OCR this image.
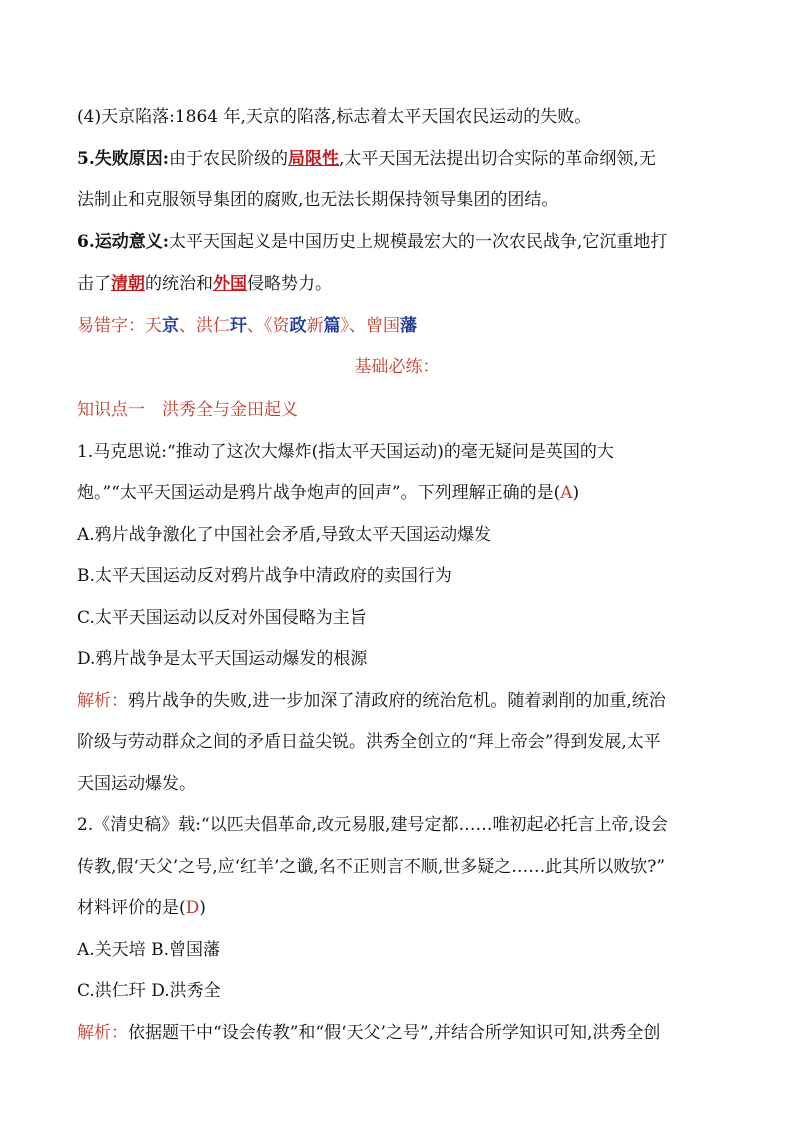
(4)天京陷落:1864 年,天京的陷落,标志着太平天国农民运动的失败。
5.失败原因:由于农民阶级的局限性,太平天国无法提出切合实际的革命纲领,无
法制止和克服领导集团的腐败,也无法长期保持领导集团的团结。
6.运动意义:太平天国起义是中国历史上规模最宏大的一次农民战争,它沉重地打
击了清朝的统治和外国侵略势力。
易错字：天京、洪仁玕、《资政新篇》、曾国藩
基础必练：
知识点一　洪秀全与金田起义
1.马克思说:“推动了这次大爆炸(指太平天国运动)的毫无疑问是英国的大
炮。”“太平天国运动是鸦片战争炮声的回声”。下列理解正确的是(A)
A.鸦片战争激化了中国社会矛盾,导致太平天国运动爆发
B.太平天国运动反对鸦片战争中清政府的卖国行为
C.太平天国运动以反对外国侵略为主旨
D.鸦片战争是太平天国运动爆发的根源
解析：鸦片战争的失败,进一步加深了清政府的统治危机。随着剥削的加重,统治
阶级与劳动群众之间的矛盾日益尖锐。洪秀全创立的“拜上帝会”得到发展,太平
天国运动爆发。
2.《清史稿》载:“以匹夫倡革命,改元易服,建号定都……唯初起必托言上帝,设会
传教,假‘天父’之号,应‘红羊’之谶,名不正则言不顺,世多疑之……此其所以败欤?”
材料评价的是(D)
A.关天培 B.曾国藩
C.洪仁玕 D.洪秀全
解析：依据题干中“设会传教”和“假‘天父’之号”,并结合所学知识可知,洪秀全创
